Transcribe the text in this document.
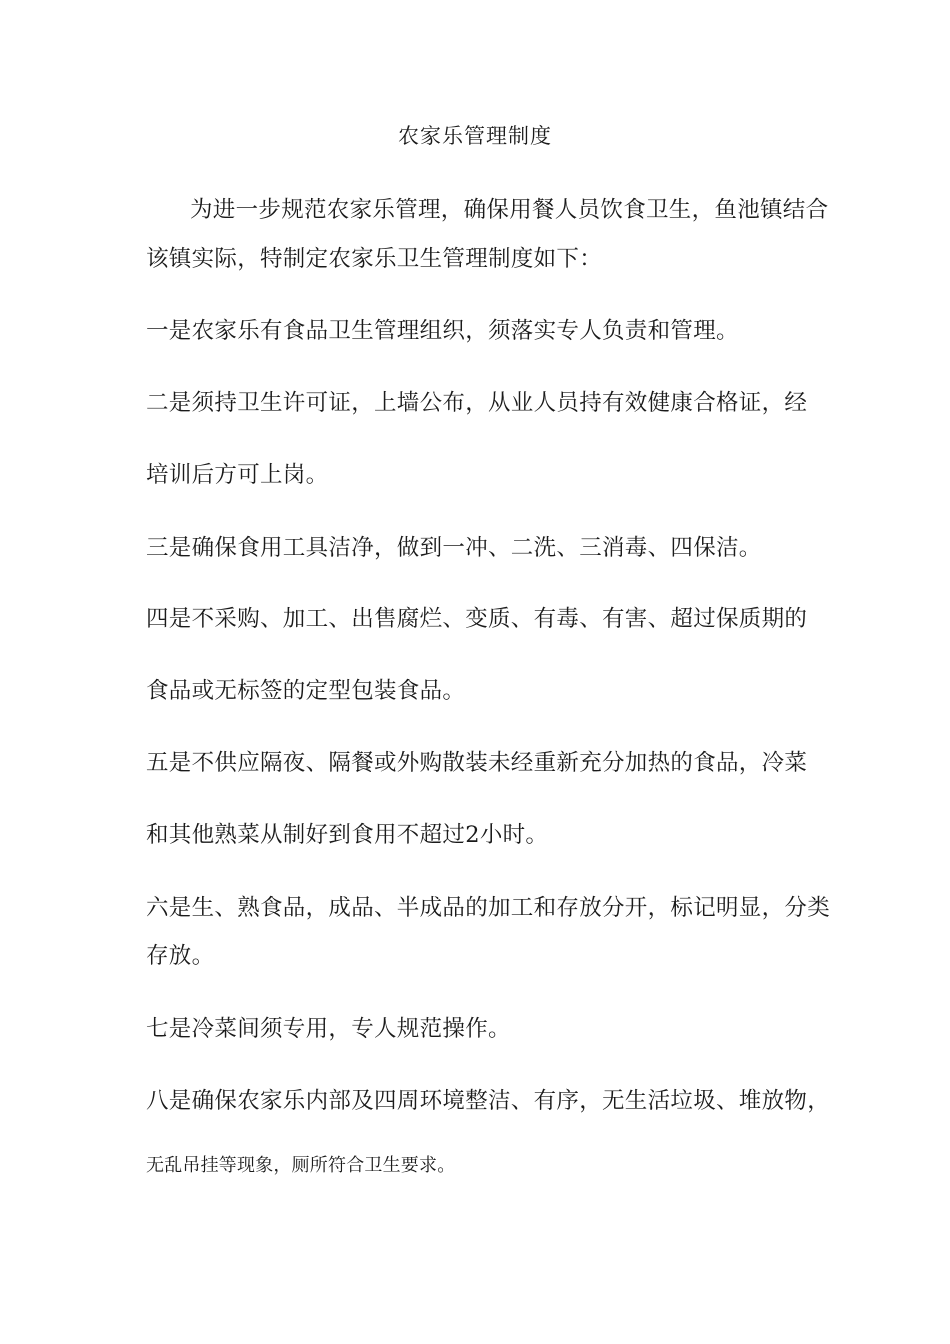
农家乐管理制度
为进一步规范农家乐管理，确保用餐人员饮食卫生，鱼池镇结合
该镇实际，特制定农家乐卫生管理制度如下：
一是农家乐有食品卫生管理组织，须落实专人负责和管理。
二是须持卫生许可证，上墙公布，从业人员持有效健康合格证，经
培训后方可上岗。
三是确保食用工具洁净，做到一冲、二洗、三消毒、四保洁。
四是不采购、加工、出售腐烂、变质、有毒、有害、超过保质期的
食品或无标签的定型包装食品。
五是不供应隔夜、隔餐或外购散装未经重新充分加热的食品，冷菜
和其他熟菜从制好到食用不超过2小时。
六是生、熟食品，成品、半成品的加工和存放分开，标记明显，分类
存放。
七是冷菜间须专用，专人规范操作。
八是确保农家乐内部及四周环境整洁、有序，无生活垃圾、堆放物，
无乱吊挂等现象，厕所符合卫生要求。
